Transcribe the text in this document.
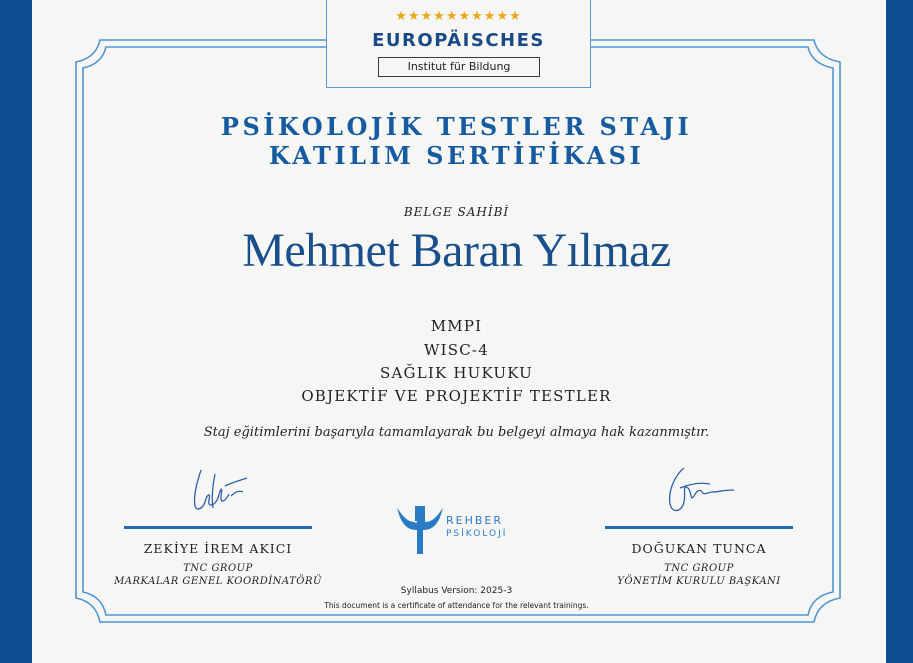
★★★★★★★★★★
EUROPÄISCHES
Institut für Bildung
PSİKOLOJİK TESTLER STAJI
KATILIM SERTİFİKASI
BELGE SAHİBİ
Mehmet Baran Yılmaz
MMPI
WISC-4
SAĞLIK HUKUKU
OBJEKTİF VE PROJEKTİF TESTLER
Staj eğitimlerini başarıyla tamamlayarak bu belgeyi almaya hak kazanmıştır.
ZEKİYE İREM AKICI
TNC GROUP
MARKALAR GENEL KOORDİNATÖRÜ
DOĞUKAN TUNCA
TNC GROUP
YÖNETİM KURULU BAŞKANI
REHBER
PSİKOLOJİ
Syllabus Version: 2025-3
This document is a certificate of attendance for the relevant trainings.
